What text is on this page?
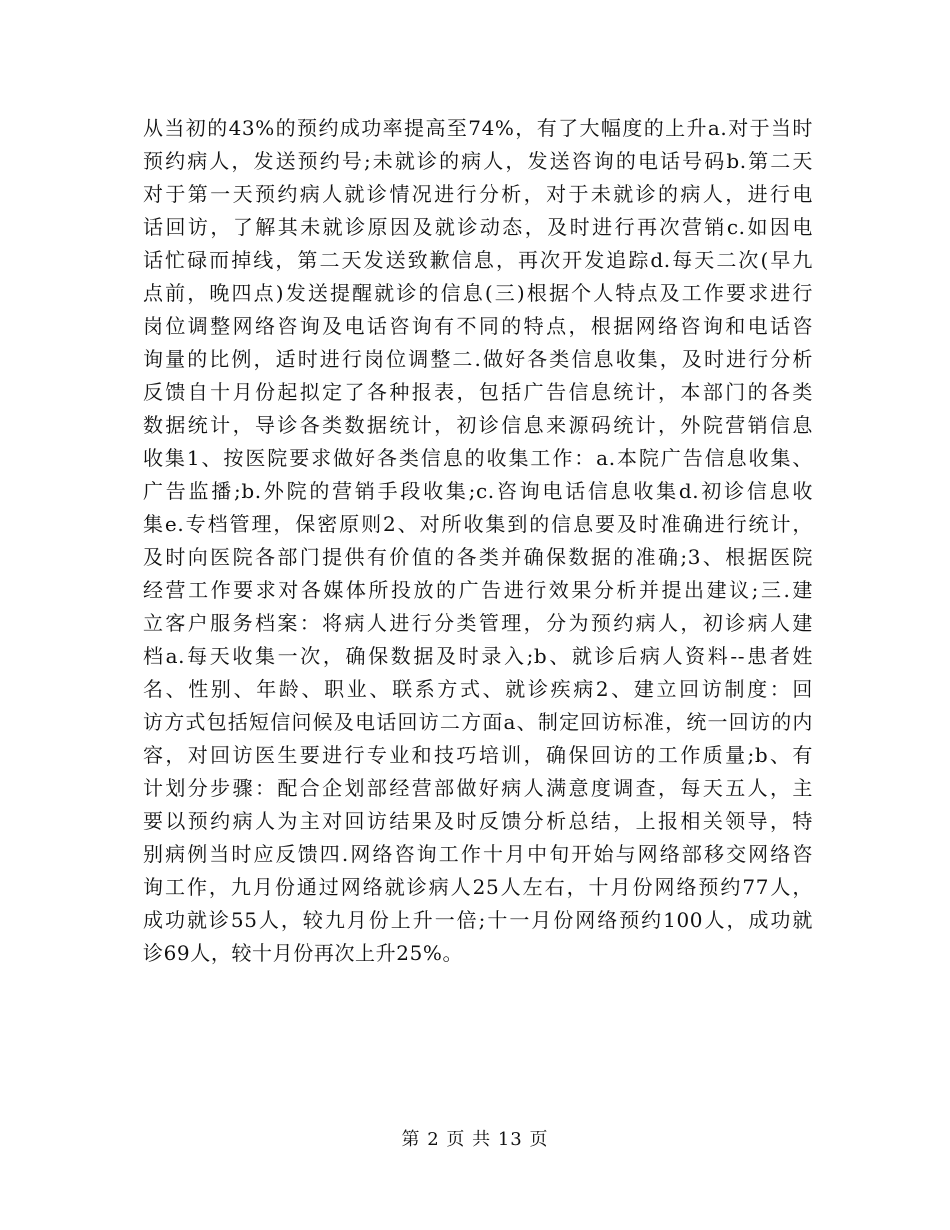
从当初的43%的预约成功率提高至74%，有了大幅度的上升a.对于当时
预约病人，发送预约号;未就诊的病人，发送咨询的电话号码b.第二天
对于第一天预约病人就诊情况进行分析，对于未就诊的病人，进行电
话回访，了解其未就诊原因及就诊动态，及时进行再次营销c.如因电
话忙碌而掉线，第二天发送致歉信息，再次开发追踪d.每天二次(早九
点前，晚四点)发送提醒就诊的信息(三)根据个人特点及工作要求进行
岗位调整网络咨询及电话咨询有不同的特点，根据网络咨询和电话咨
询量的比例，适时进行岗位调整二.做好各类信息收集，及时进行分析
反馈自十月份起拟定了各种报表，包括广告信息统计，本部门的各类
数据统计，导诊各类数据统计，初诊信息来源码统计，外院营销信息
收集1、按医院要求做好各类信息的收集工作：a.本院广告信息收集、
广告监播;b.外院的营销手段收集;c.咨询电话信息收集d.初诊信息收
集e.专档管理，保密原则2、对所收集到的信息要及时准确进行统计，
及时向医院各部门提供有价值的各类并确保数据的准确;3、根据医院
经营工作要求对各媒体所投放的广告进行效果分析并提出建议;三.建
立客户服务档案：将病人进行分类管理，分为预约病人，初诊病人建
档a.每天收集一次，确保数据及时录入;b、就诊后病人资料--患者姓
名、性别、年龄、职业、联系方式、就诊疾病2、建立回访制度：回
访方式包括短信问候及电话回访二方面a、制定回访标准，统一回访的内
容，对回访医生要进行专业和技巧培训，确保回访的工作质量;b、有
计划分步骤：配合企划部经营部做好病人满意度调查，每天五人，主
要以预约病人为主对回访结果及时反馈分析总结，上报相关领导，特
别病例当时应反馈四.网络咨询工作十月中旬开始与网络部移交网络咨
询工作，九月份通过网络就诊病人25人左右，十月份网络预约77人，
成功就诊55人，较九月份上升一倍;十一月份网络预约100人，成功就
诊69人，较十月份再次上升25%。
第 2 页 共 13 页
